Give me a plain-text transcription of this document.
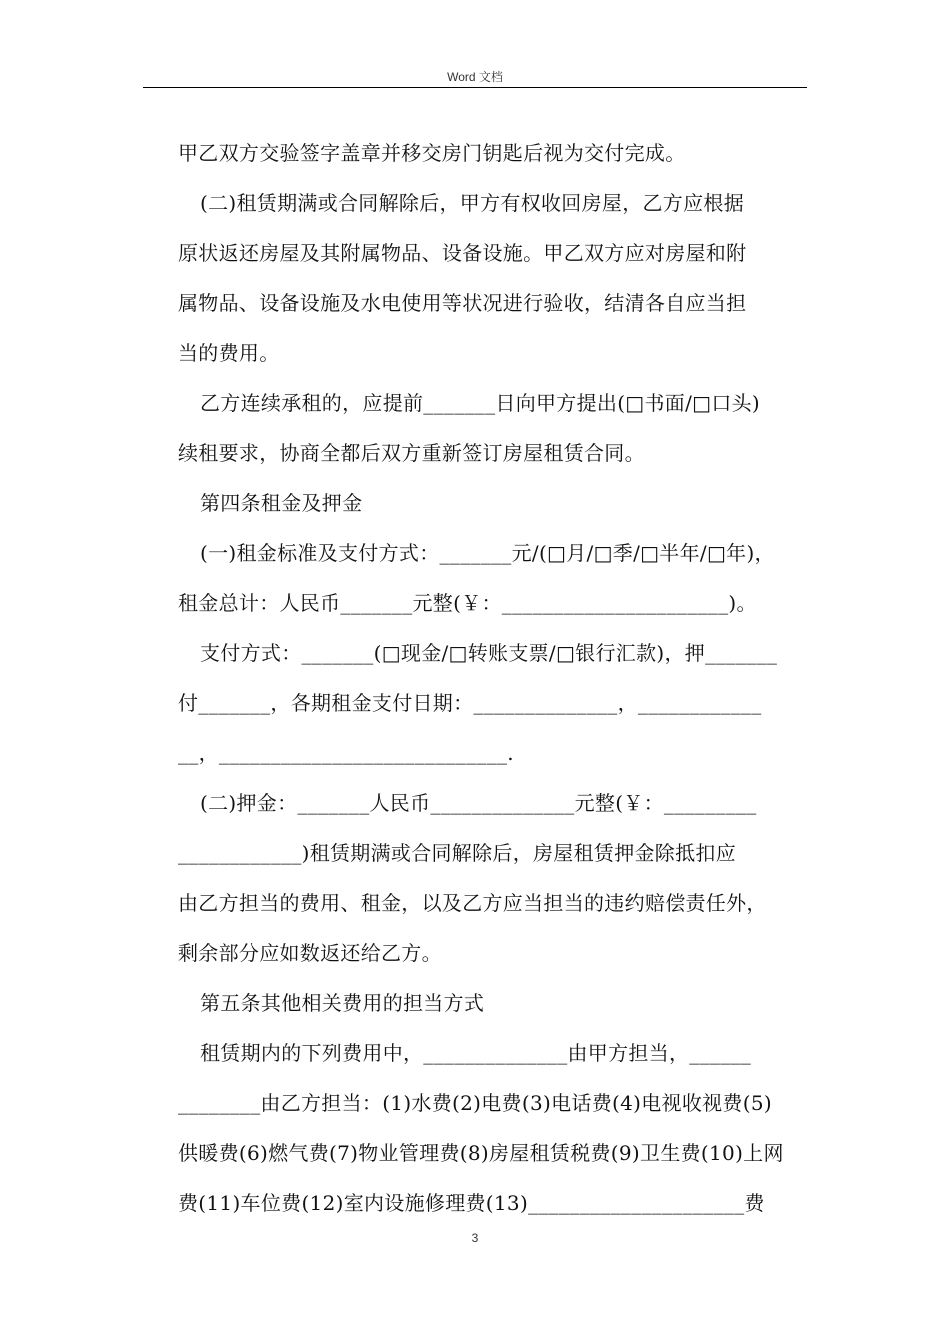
Word 文档
甲乙双方交验签字盖章并移交房门钥匙后视为交付完成。
(二)租赁期满或合同解除后，甲方有权收回房屋，乙方应根据
原状返还房屋及其附属物品、设备设施。甲乙双方应对房屋和附
属物品、设备设施及水电使用等状况进行验收，结清各自应当担
当的费用。
乙方连续承租的，应提前_______日向甲方提出(□书面/□口头)
续租要求，协商全都后双方重新签订房屋租赁合同。
第四条租金及押金
(一)租金标准及支付方式：_______元/(□月/□季/□半年/□年)，
租金总计：人民币_______元整(￥：______________________)。
支付方式：_______(□现金/□转账支票/□银行汇款)，押_______
付_______，各期租金支付日期：______________，____________
__，____________________________.
(二)押金：_______人民币______________元整(￥：_________
____________)租赁期满或合同解除后，房屋租赁押金除抵扣应
由乙方担当的费用、租金，以及乙方应当担当的违约赔偿责任外，
剩余部分应如数返还给乙方。
第五条其他相关费用的担当方式
租赁期内的下列费用中，______________由甲方担当，______
________由乙方担当：(1)水费(2)电费(3)电话费(4)电视收视费(5)
供暖费(6)燃气费(7)物业管理费(8)房屋租赁税费(9)卫生费(10)上网
费(11)车位费(12)室内设施修理费(13)_____________________费
3
